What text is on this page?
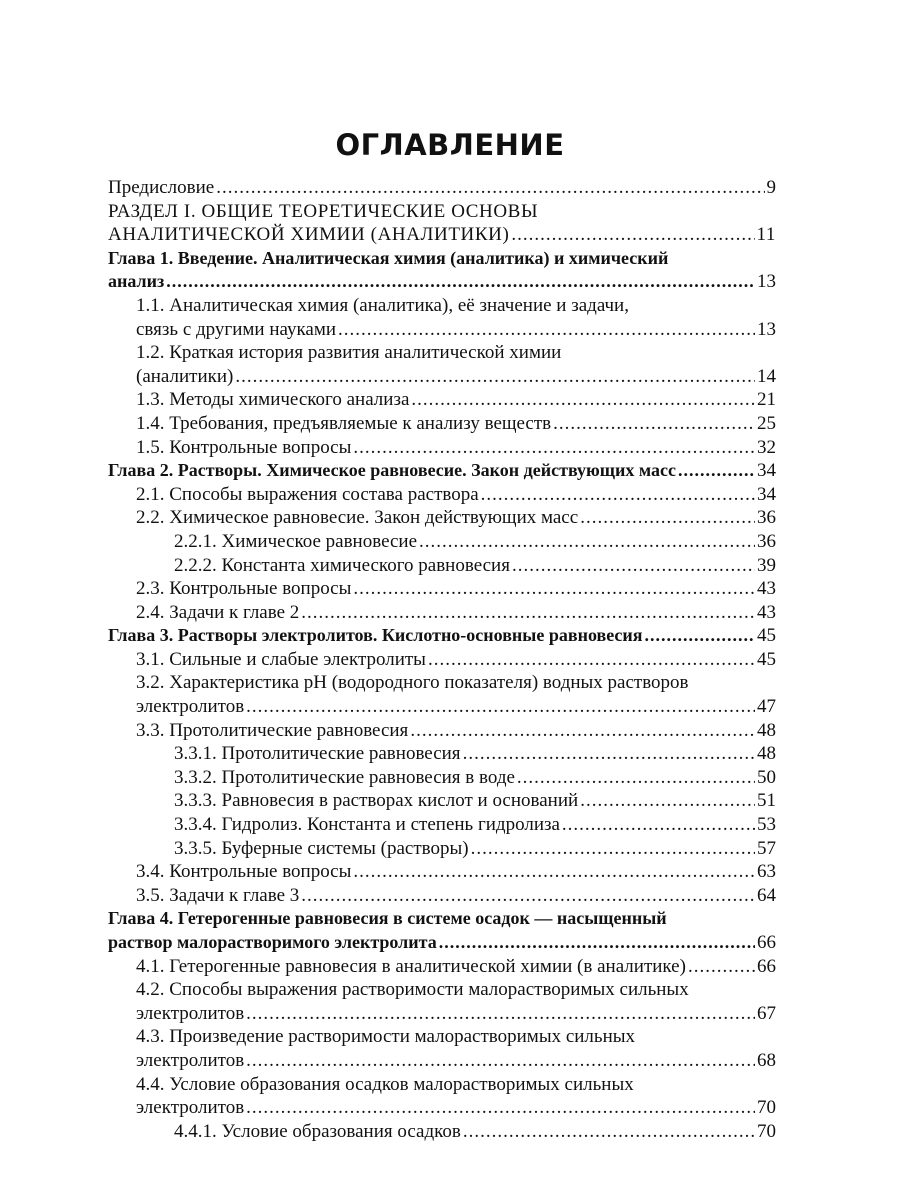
ОГЛАВЛЕНИЕ
Предисловие .....	9
РАЗДЕЛ I. ОБЩИЕ ТЕОРЕТИЧЕСКИЕ ОСНОВЫ
АНАЛИТИЧЕСКОЙ ХИМИИ (АНАЛИТИКИ) .....	11
Глава 1. Введение. Аналитическая химия (аналитика) и химический
анализ .....	13
1.1. Аналитическая химия (аналитика), её значение и задачи,
связь с другими науками .....	13
1.2. Краткая история развития аналитической химии
(аналитики) .....	14
1.3. Методы химического анализа .....	21
1.4. Требования, предъявляемые к анализу веществ .....	25
1.5. Контрольные вопросы .....	32
Глава 2. Растворы. Химическое равновесие. Закон действующих масс .....	34
2.1. Способы выражения состава раствора .....	34
2.2. Химическое равновесие. Закон действующих масс .....	36
2.2.1. Химическое равновесие .....	36
2.2.2. Константа химического равновесия .....	39
2.3. Контрольные вопросы .....	43
2.4. Задачи к главе 2 .....	43
Глава 3. Растворы электролитов. Кислотно-основные равновесия .....	45
3.1. Сильные и слабые электролиты .....	45
3.2. Характеристика pH (водородного показателя) водных растворов
электролитов .....	47
3.3. Протолитические равновесия .....	48
3.3.1. Протолитические равновесия .....	48
3.3.2. Протолитические равновесия в воде .....	50
3.3.3. Равновесия в растворах кислот и оснований .....	51
3.3.4. Гидролиз. Константа и степень гидролиза .....	53
3.3.5. Буферные системы (растворы) .....	57
3.4. Контрольные вопросы .....	63
3.5. Задачи к главе 3 .....	64
Глава 4. Гетерогенные равновесия в системе осадок — насыщенный
раствор малорастворимого электролита .....	66
4.1. Гетерогенные равновесия в аналитической химии (в аналитике) .....	66
4.2. Способы выражения растворимости малорастворимых сильных
электролитов .....	67
4.3. Произведение растворимости малорастворимых сильных
электролитов .....	68
4.4. Условие образования осадков малорастворимых сильных
электролитов .....	70
4.4.1. Условие образования осадков .....	70
